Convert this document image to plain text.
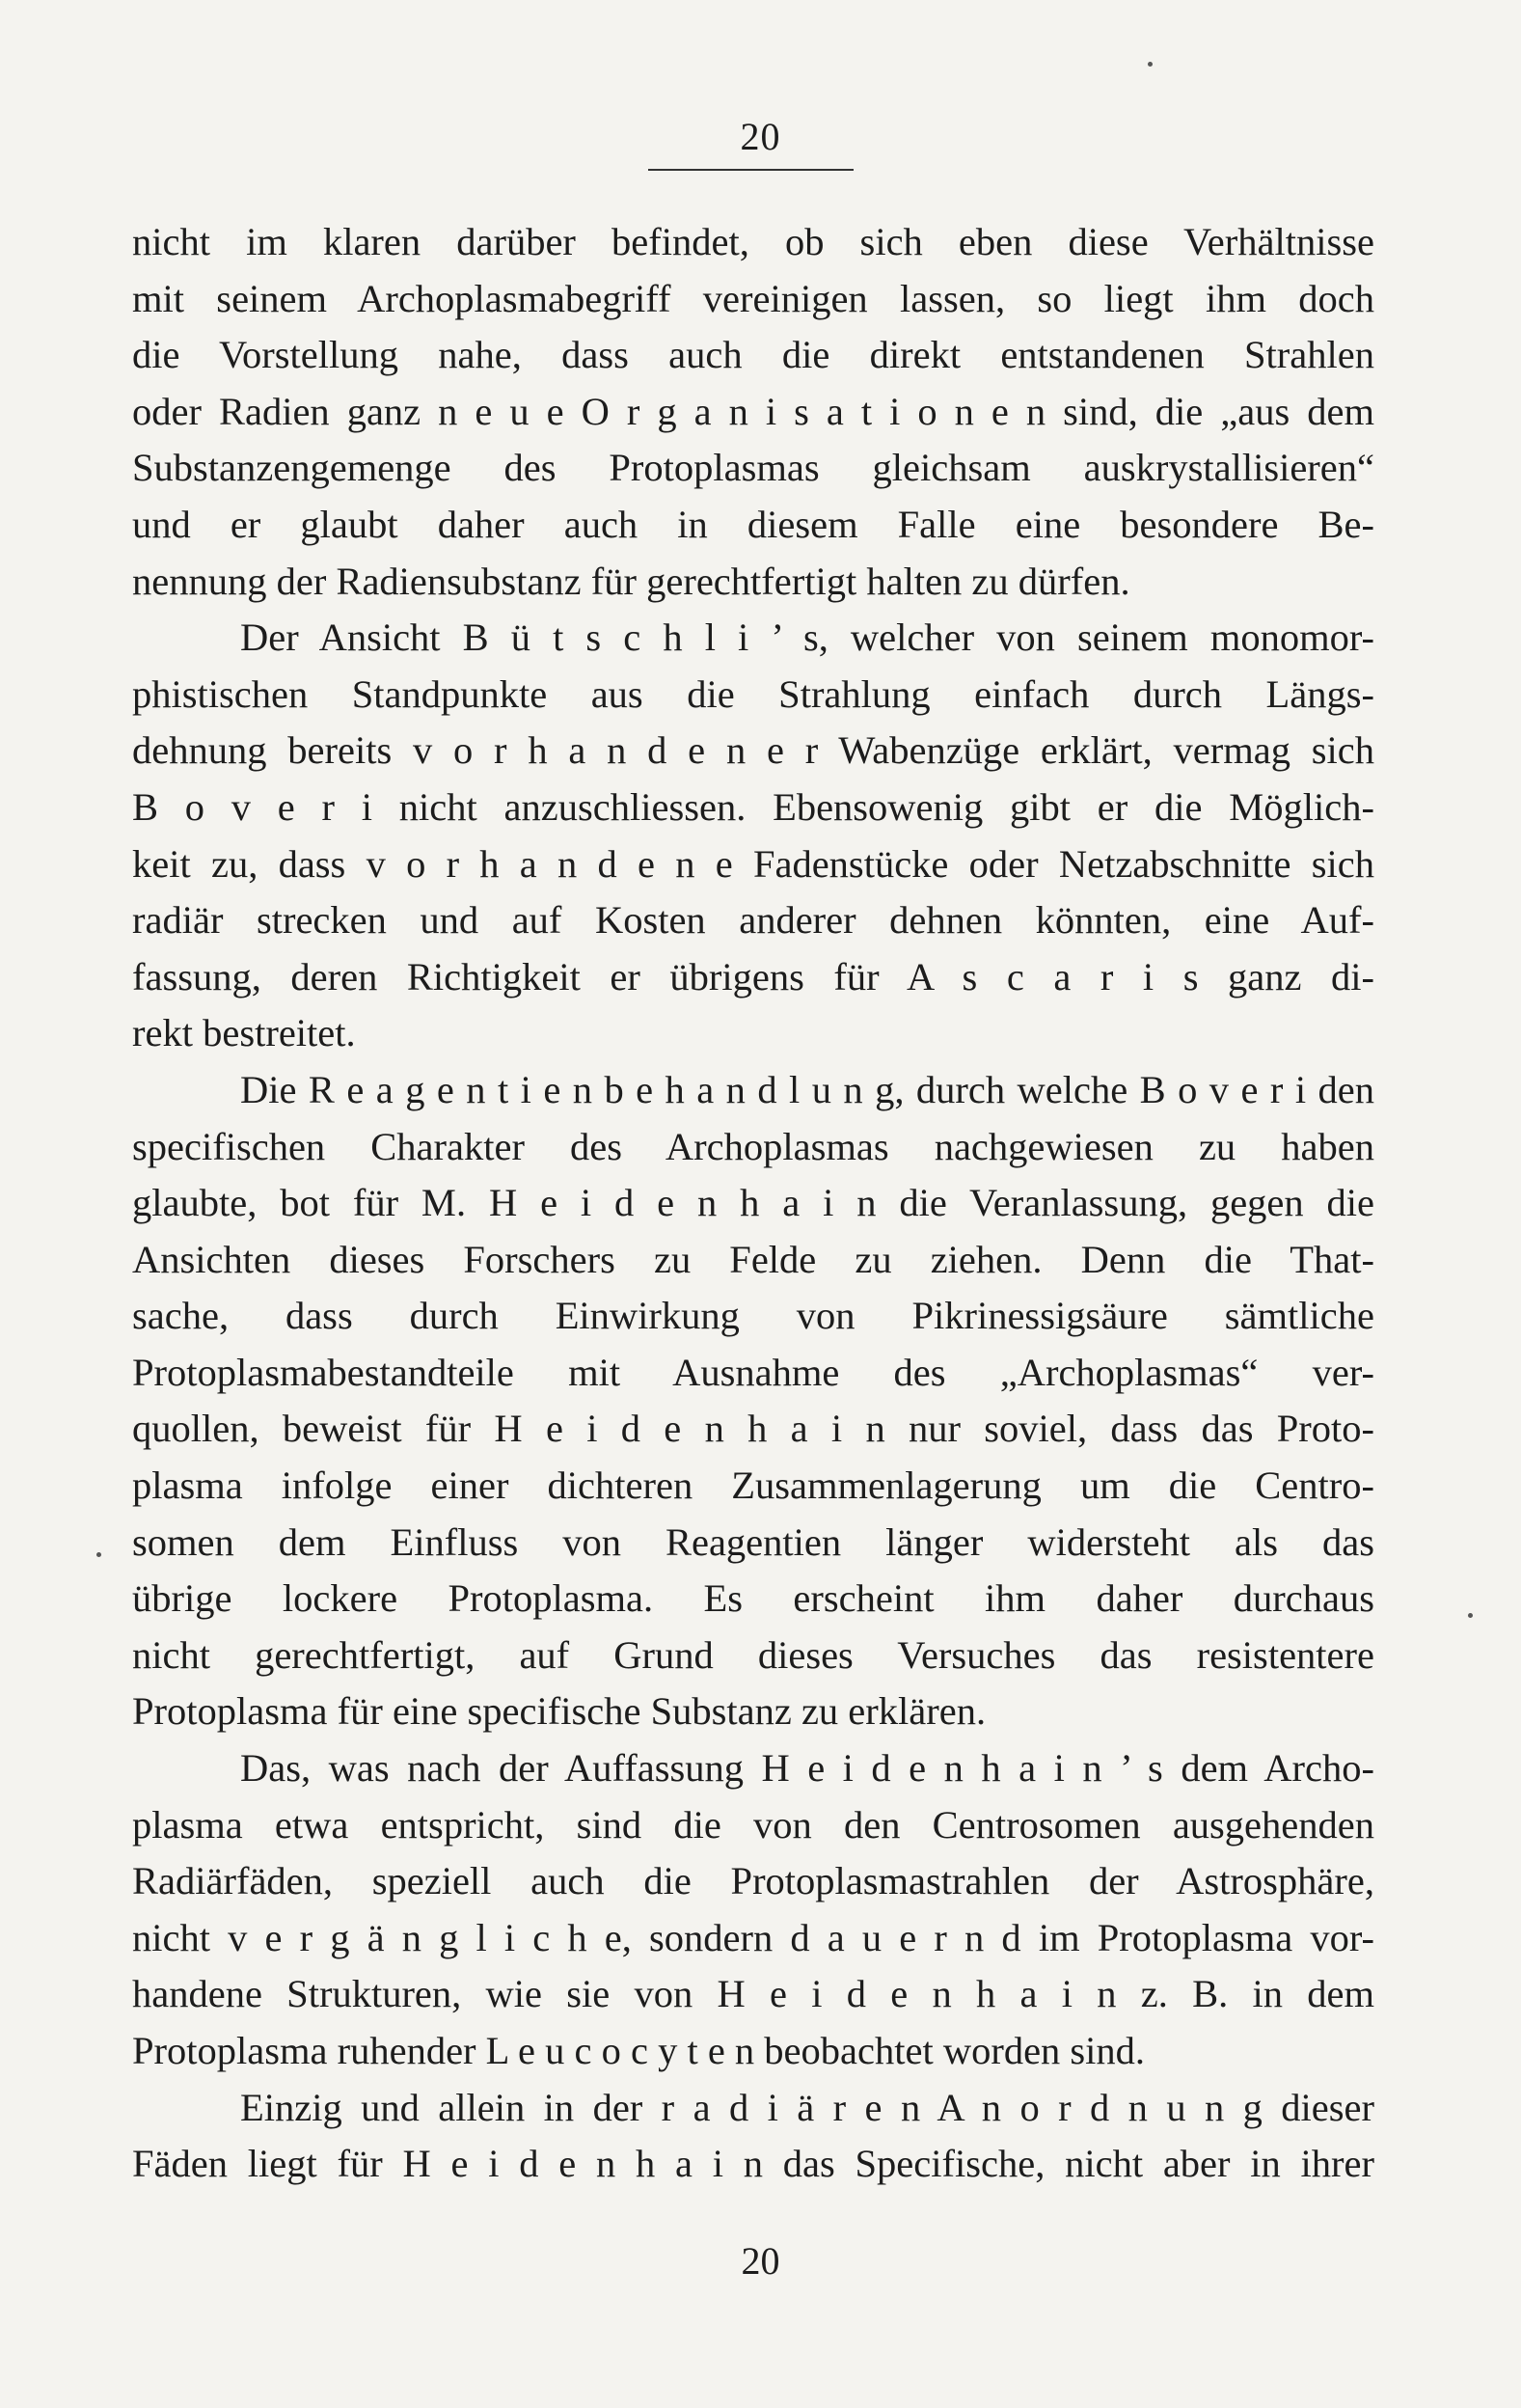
20
nicht im klaren darüber befindet, ob sich eben diese Verhältnisse
mit seinem Archoplasmabegriff vereinigen lassen, so liegt ihm doch
die Vorstellung nahe, dass auch die direkt entstandenen Strahlen
oder Radien ganz n e u e O r g a n i s a t i o n e n sind, die „aus dem
Substanzengemenge des Protoplasmas gleichsam auskrystallisieren“
und er glaubt daher auch in diesem Falle eine besondere Be-
nennung der Radiensubstanz für gerechtfertigt halten zu dürfen.
Der Ansicht B ü t s c h l i ’ s, welcher von seinem monomor-
phistischen Standpunkte aus die Strahlung einfach durch Längs-
dehnung bereits v o r h a n d e n e r Wabenzüge erklärt, vermag sich
B o v e r i nicht anzuschliessen. Ebensowenig gibt er die Möglich-
keit zu, dass v o r h a n d e n e Fadenstücke oder Netzabschnitte sich
radiär strecken und auf Kosten anderer dehnen könnten, eine Auf-
fassung, deren Richtigkeit er übrigens für A s c a r i s ganz di-
rekt bestreitet.
Die R e a g e n t i e n b e h a n d l u n g, durch welche B o v e r i den
specifischen Charakter des Archoplasmas nachgewiesen zu haben
glaubte, bot für M. H e i d e n h a i n die Veranlassung, gegen die
Ansichten dieses Forschers zu Felde zu ziehen. Denn die That-
sache, dass durch Einwirkung von Pikrinessigsäure sämtliche
Protoplasmabestandteile mit Ausnahme des „Archoplasmas“ ver-
quollen, beweist für H e i d e n h a i n nur soviel, dass das Proto-
plasma infolge einer dichteren Zusammenlagerung um die Centro-
somen dem Einfluss von Reagentien länger widersteht als das
übrige lockere Protoplasma. Es erscheint ihm daher durchaus
nicht gerechtfertigt, auf Grund dieses Versuches das resistentere
Protoplasma für eine specifische Substanz zu erklären.
Das, was nach der Auffassung H e i d e n h a i n ’ s dem Archo-
plasma etwa entspricht, sind die von den Centrosomen ausgehenden
Radiärfäden, speziell auch die Protoplasmastrahlen der Astrosphäre,
nicht v e r g ä n g l i c h e, sondern d a u e r n d im Protoplasma vor-
handene Strukturen, wie sie von H e i d e n h a i n z. B. in dem
Protoplasma ruhender L e u c o c y t e n beobachtet worden sind.
Einzig und allein in der r a d i ä r e n A n o r d n u n g dieser
Fäden liegt für H e i d e n h a i n das Specifische, nicht aber in ihrer
20
